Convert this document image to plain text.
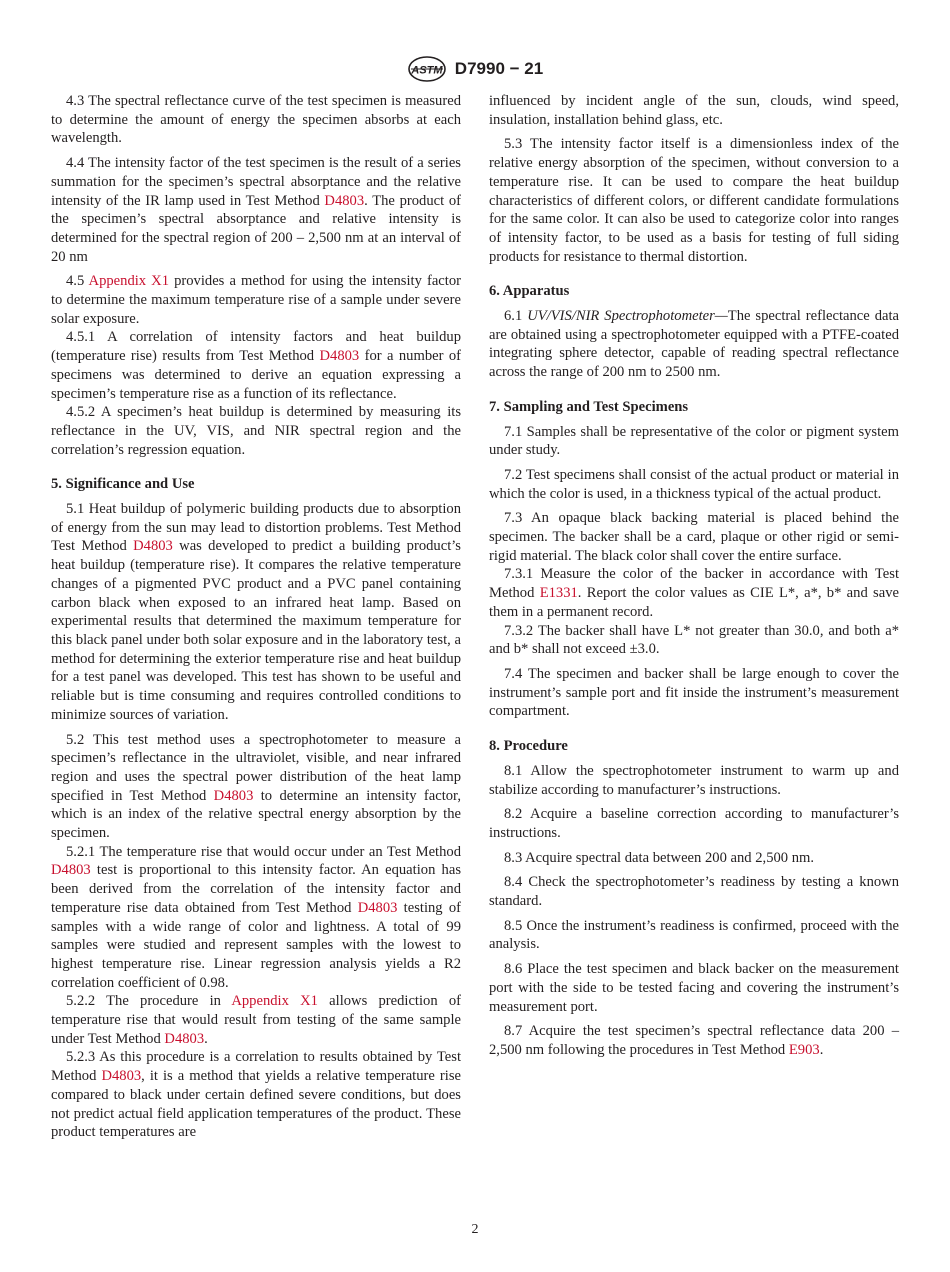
ASTM D7990 − 21

4.3 The spectral reflectance curve of the test specimen is measured to determine the amount of energy the specimen absorbs at each wavelength.

4.4 The intensity factor of the test specimen is the result of a series summation for the specimen’s spectral absorptance and the relative intensity of the IR lamp used in Test Method D4803. The product of the specimen’s spectral absorptance and relative intensity is determined for the spectral region of 200 – 2,500 nm at an interval of 20 nm

4.5 Appendix X1 provides a method for using the intensity factor to determine the maximum temperature rise of a sample under severe solar exposure.

4.5.1 A correlation of intensity factors and heat buildup (temperature rise) results from Test Method D4803 for a number of specimens was determined to derive an equation expressing a specimen’s temperature rise as a function of its reflectance.

4.5.2 A specimen’s heat buildup is determined by measuring its reflectance in the UV, VIS, and NIR spectral region and the correlation’s regression equation.

5. Significance and Use

5.1 Heat buildup of polymeric building products due to absorption of energy from the sun may lead to distortion problems. Test Method Test Method D4803 was developed to predict a building product’s heat buildup (temperature rise). It compares the relative temperature changes of a pigmented PVC product and a PVC panel containing carbon black when exposed to an infrared heat lamp. Based on experimental results that determined the maximum temperature for this black panel under both solar exposure and in the laboratory test, a method for determining the exterior temperature rise and heat buildup for a test panel was developed. This test has shown to be useful and reliable but is time consuming and requires controlled conditions to minimize sources of variation.

5.2 This test method uses a spectrophotometer to measure a specimen’s reflectance in the ultraviolet, visible, and near infrared region and uses the spectral power distribution of the heat lamp specified in Test Method D4803 to determine an intensity factor, which is an index of the relative spectral energy absorption by the specimen.

5.2.1 The temperature rise that would occur under an Test Method D4803 test is proportional to this intensity factor. An equation has been derived from the correlation of the intensity factor and temperature rise data obtained from Test Method D4803 testing of samples with a wide range of color and lightness. A total of 99 samples were studied and represent samples with the lowest to highest temperature rise. Linear regression analysis yields a R2 correlation coefficient of 0.98.

5.2.2 The procedure in Appendix X1 allows prediction of temperature rise that would result from testing of the same sample under Test Method D4803.

5.2.3 As this procedure is a correlation to results obtained by Test Method D4803, it is a method that yields a relative temperature rise compared to black under certain defined severe conditions, but does not predict actual field application temperatures of the product. These product temperatures are

influenced by incident angle of the sun, clouds, wind speed, insulation, installation behind glass, etc.

5.3 The intensity factor itself is a dimensionless index of the relative energy absorption of the specimen, without conversion to a temperature rise. It can be used to compare the heat buildup characteristics of different colors, or different candidate formulations for the same color. It can also be used to categorize color into ranges of intensity factor, to be used as a basis for testing of full siding products for resistance to thermal distortion.

6. Apparatus

6.1 UV/VIS/NIR Spectrophotometer—The spectral reflectance data are obtained using a spectrophotometer equipped with a PTFE-coated integrating sphere detector, capable of reading spectral reflectance across the range of 200 nm to 2500 nm.

7. Sampling and Test Specimens

7.1 Samples shall be representative of the color or pigment system under study.

7.2 Test specimens shall consist of the actual product or material in which the color is used, in a thickness typical of the actual product.

7.3 An opaque black backing material is placed behind the specimen. The backer shall be a card, plaque or other rigid or semi-rigid material. The black color shall cover the entire surface.

7.3.1 Measure the color of the backer in accordance with Test Method E1331. Report the color values as CIE L*, a*, b* and save them in a permanent record.

7.3.2 The backer shall have L* not greater than 30.0, and both a* and b* shall not exceed ±3.0.

7.4 The specimen and backer shall be large enough to cover the instrument’s sample port and fit inside the instrument’s measurement compartment.

8. Procedure

8.1 Allow the spectrophotometer instrument to warm up and stabilize according to manufacturer’s instructions.

8.2 Acquire a baseline correction according to manufacturer’s instructions.

8.3 Acquire spectral data between 200 and 2,500 nm.

8.4 Check the spectrophotometer’s readiness by testing a known standard.

8.5 Once the instrument’s readiness is confirmed, proceed with the analysis.

8.6 Place the test specimen and black backer on the measurement port with the side to be tested facing and covering the instrument’s measurement port.

8.7 Acquire the test specimen’s spectral reflectance data 200 – 2,500 nm following the procedures in Test Method E903.

2
